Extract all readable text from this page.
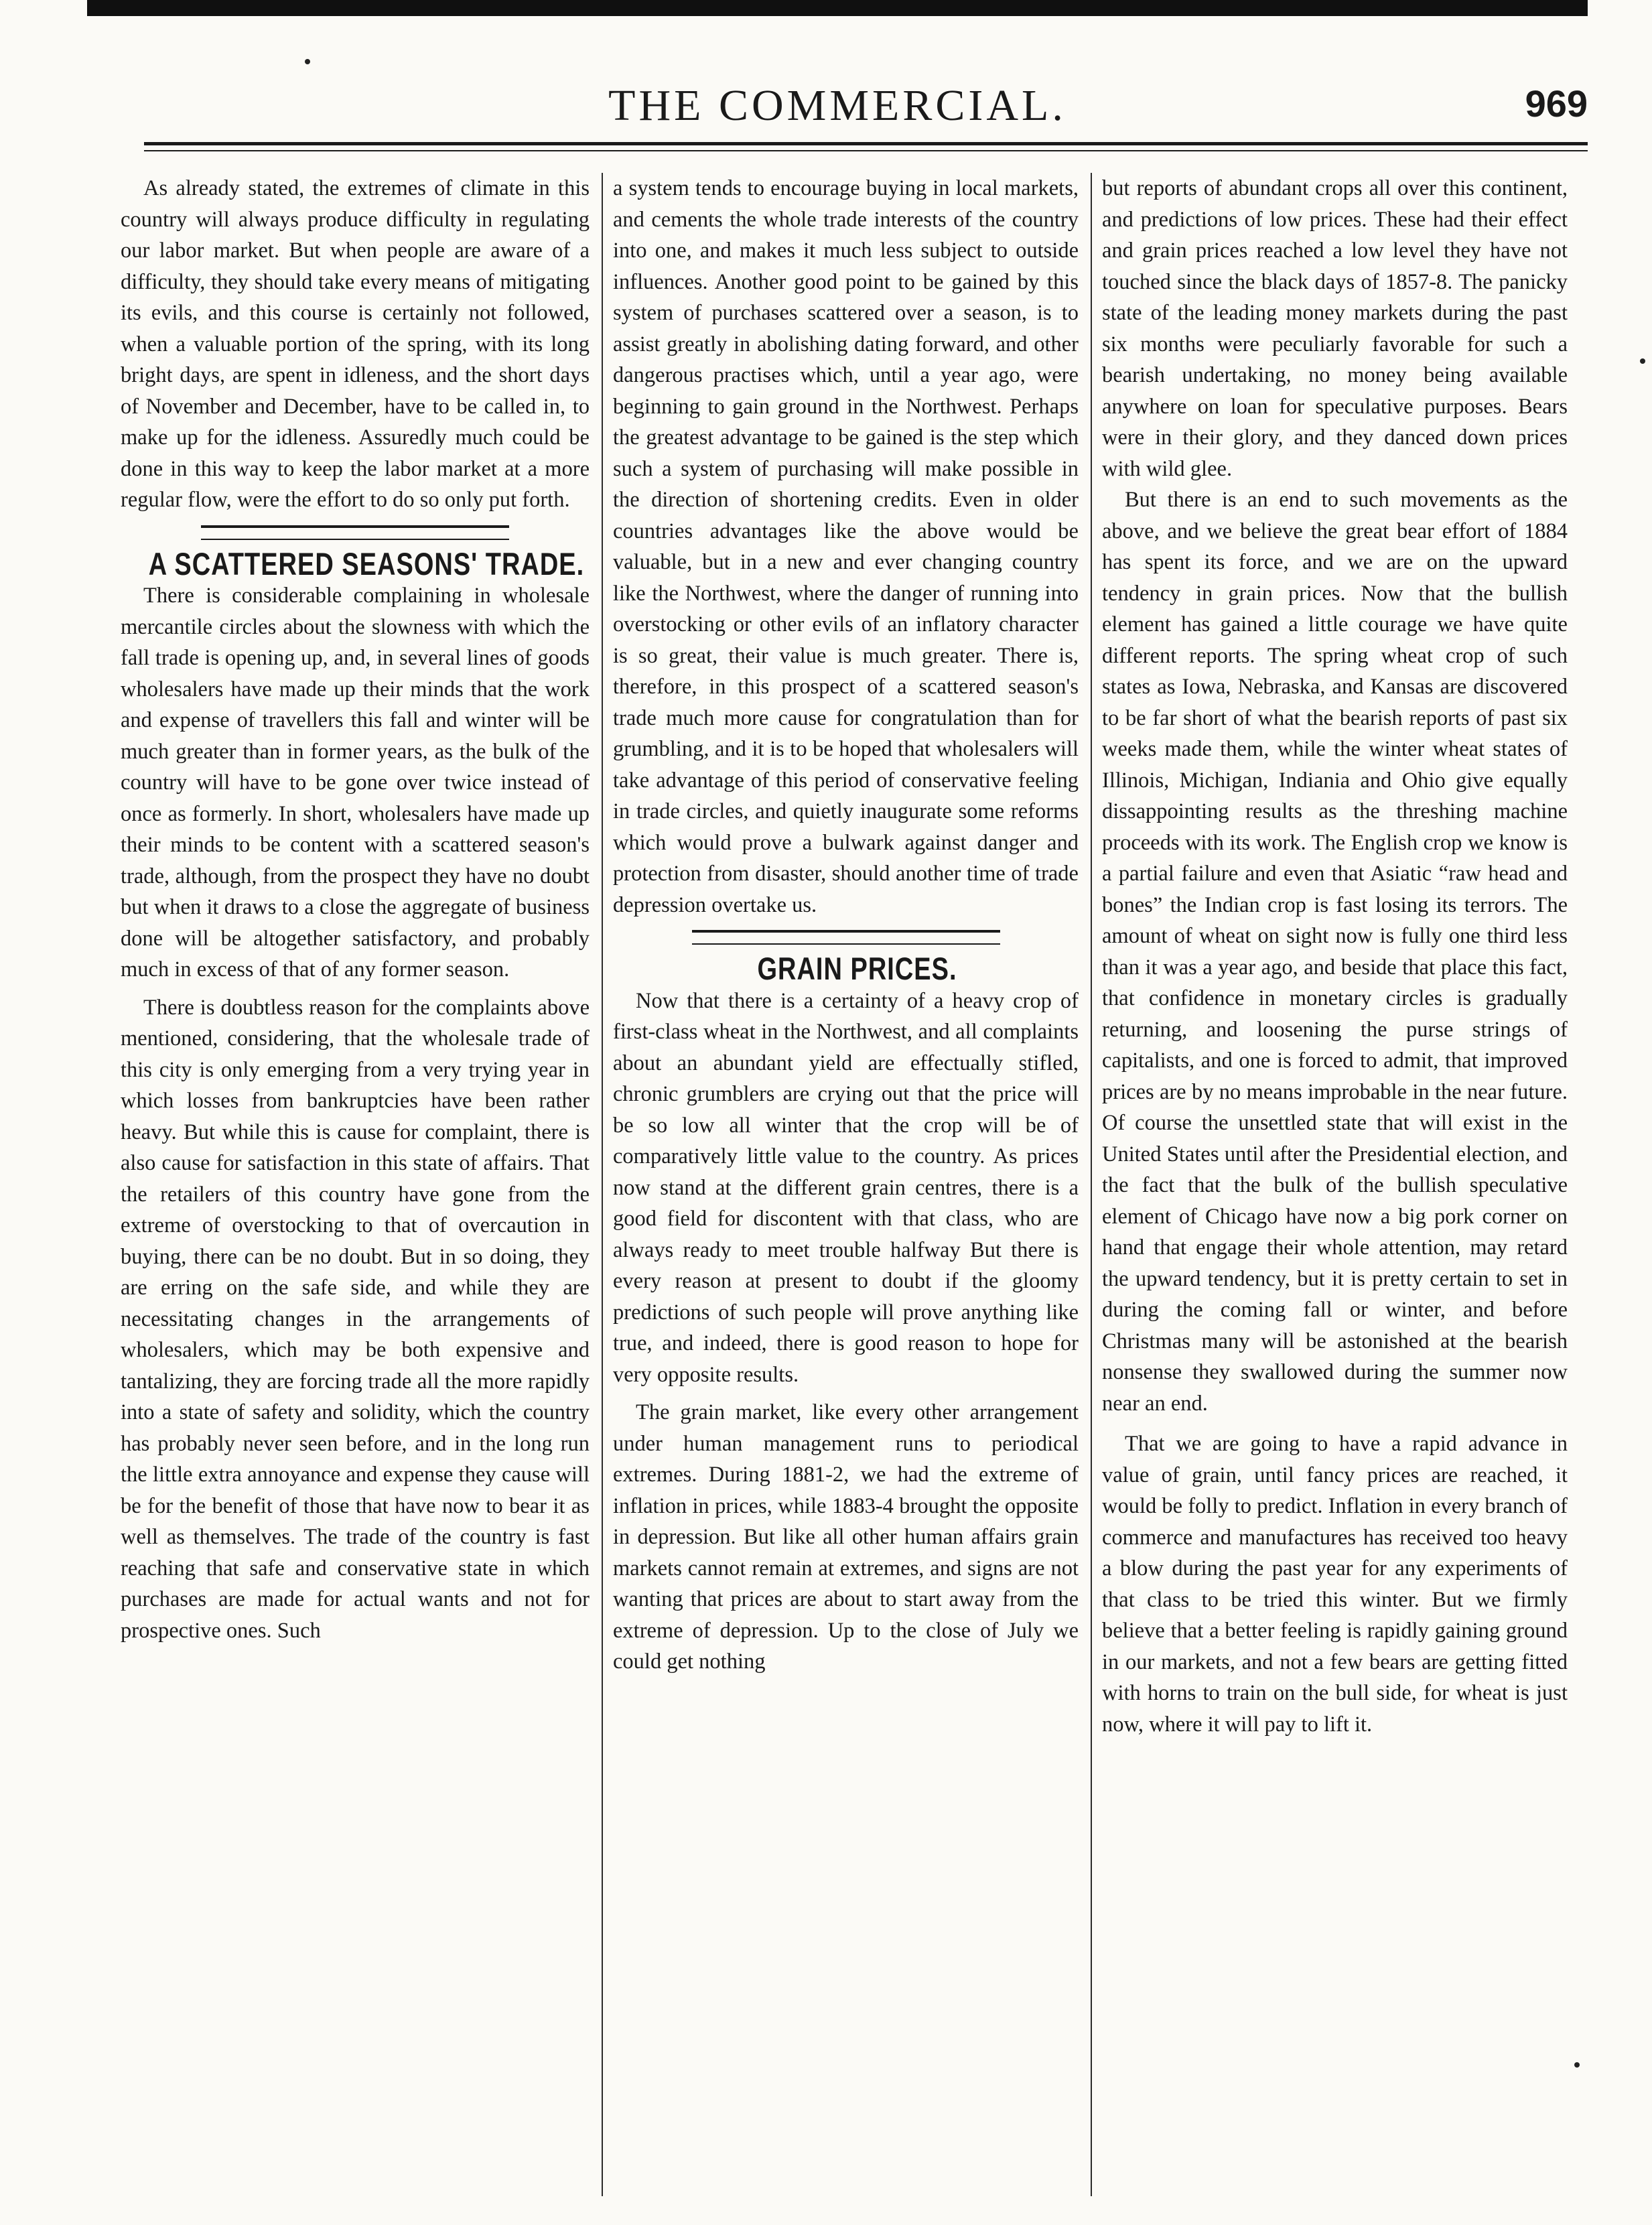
THE COMMERCIAL.	969

As already stated, the extremes of climate in this country will always produce difficulty in regulating our labor market. But when people are aware of a difficulty, they should take every means of mitigating its evils, and this course is certainly not followed, when a valuable portion of the spring, with its long bright days, are spent in idleness, and the short days of November and December, have to be called in, to make up for the idleness. Assuredly much could be done in this way to keep the labor market at a more regular flow, were the effort to do so only put forth.

A SCATTERED SEASONS' TRADE.

There is considerable complaining in wholesale mercantile circles about the slowness with which the fall trade is opening up, and, in several lines of goods wholesalers have made up their minds that the work and expense of travellers this fall and winter will be much greater than in former years, as the bulk of the country will have to be gone over twice instead of once as formerly. In short, wholesalers have made up their minds to be content with a scattered season's trade, although, from the prospect they have no doubt but when it draws to a close the aggregate of business done will be altogether satisfactory, and probably much in excess of that of any former season.

There is doubtless reason for the complaints above mentioned, considering, that the wholesale trade of this city is only emerging from a very trying year in which losses from bankruptcies have been rather heavy. But while this is cause for complaint, there is also cause for satisfaction in this state of affairs. That the retailers of this country have gone from the extreme of overstocking to that of overcaution in buying, there can be no doubt. But in so doing, they are erring on the safe side, and while they are necessitating changes in the arrangements of wholesalers, which may be both expensive and tantalizing, they are forcing trade all the more rapidly into a state of safety and solidity, which the country has probably never seen before, and in the long run the little extra annoyance and expense they cause will be for the benefit of those that have now to bear it as well as themselves. The trade of the country is fast reaching that safe and conservative state in which purchases are made for actual wants and not for prospective ones. Such

a system tends to encourage buying in local markets, and cements the whole trade interests of the country into one, and makes it much less subject to outside influences. Another good point to be gained by this system of purchases scattered over a season, is to assist greatly in abolishing dating forward, and other dangerous practises which, until a year ago, were beginning to gain ground in the Northwest. Perhaps the greatest advantage to be gained is the step which such a system of purchasing will make possible in the direction of shortening credits. Even in older countries advantages like the above would be valuable, but in a new and ever changing country like the Northwest, where the danger of running into overstocking or other evils of an inflatory character is so great, their value is much greater. There is, therefore, in this prospect of a scattered season's trade much more cause for congratulation than for grumbling, and it is to be hoped that wholesalers will take advantage of this period of conservative feeling in trade circles, and quietly inaugurate some reforms which would prove a bulwark against danger and protection from disaster, should another time of trade depression overtake us.

GRAIN PRICES.

Now that there is a certainty of a heavy crop of first-class wheat in the Northwest, and all complaints about an abundant yield are effectually stifled, chronic grumblers are crying out that the price will be so low all winter that the crop will be of comparatively little value to the country. As prices now stand at the different grain centres, there is a good field for discontent with that class, who are always ready to meet trouble halfway But there is every reason at present to doubt if the gloomy predictions of such people will prove anything like true, and indeed, there is good reason to hope for very opposite results.

The grain market, like every other arrangement under human management runs to periodical extremes. During 1881-2, we had the extreme of inflation in prices, while 1883-4 brought the opposite in depression. But like all other human affairs grain markets cannot remain at extremes, and signs are not wanting that prices are about to start away from the extreme of depression. Up to the close of July we could get nothing

but reports of abundant crops all over this continent, and predictions of low prices. These had their effect and grain prices reached a low level they have not touched since the black days of 1857-8. The panicky state of the leading money markets during the past six months were peculiarly favorable for such a bearish undertaking, no money being available anywhere on loan for speculative purposes. Bears were in their glory, and they danced down prices with wild glee.

But there is an end to such movements as the above, and we believe the great bear effort of 1884 has spent its force, and we are on the upward tendency in grain prices. Now that the bullish element has gained a little courage we have quite different reports. The spring wheat crop of such states as Iowa, Nebraska, and Kansas are discovered to be far short of what the bearish reports of past six weeks made them, while the winter wheat states of Illinois, Michigan, Indiania and Ohio give equally dissappointing results as the threshing machine proceeds with its work. The English crop we know is a partial failure and even that Asiatic “raw head and bones” the Indian crop is fast losing its terrors. The amount of wheat on sight now is fully one third less than it was a year ago, and beside that place this fact, that confidence in monetary circles is gradually returning, and loosening the purse strings of capitalists, and one is forced to admit, that improved prices are by no means improbable in the near future. Of course the unsettled state that will exist in the United States until after the Presidential election, and the fact that the bulk of the bullish speculative element of Chicago have now a big pork corner on hand that engage their whole attention, may retard the upward tendency, but it is pretty certain to set in during the coming fall or winter, and before Christmas many will be astonished at the bearish nonsense they swallowed during the summer now near an end.

That we are going to have a rapid advance in value of grain, until fancy prices are reached, it would be folly to predict. Inflation in every branch of commerce and manufactures has received too heavy a blow during the past year for any experiments of that class to be tried this winter. But we firmly believe that a better feeling is rapidly gaining ground in our markets, and not a few bears are getting fitted with horns to train on the bull side, for wheat is just now, where it will pay to lift it.
